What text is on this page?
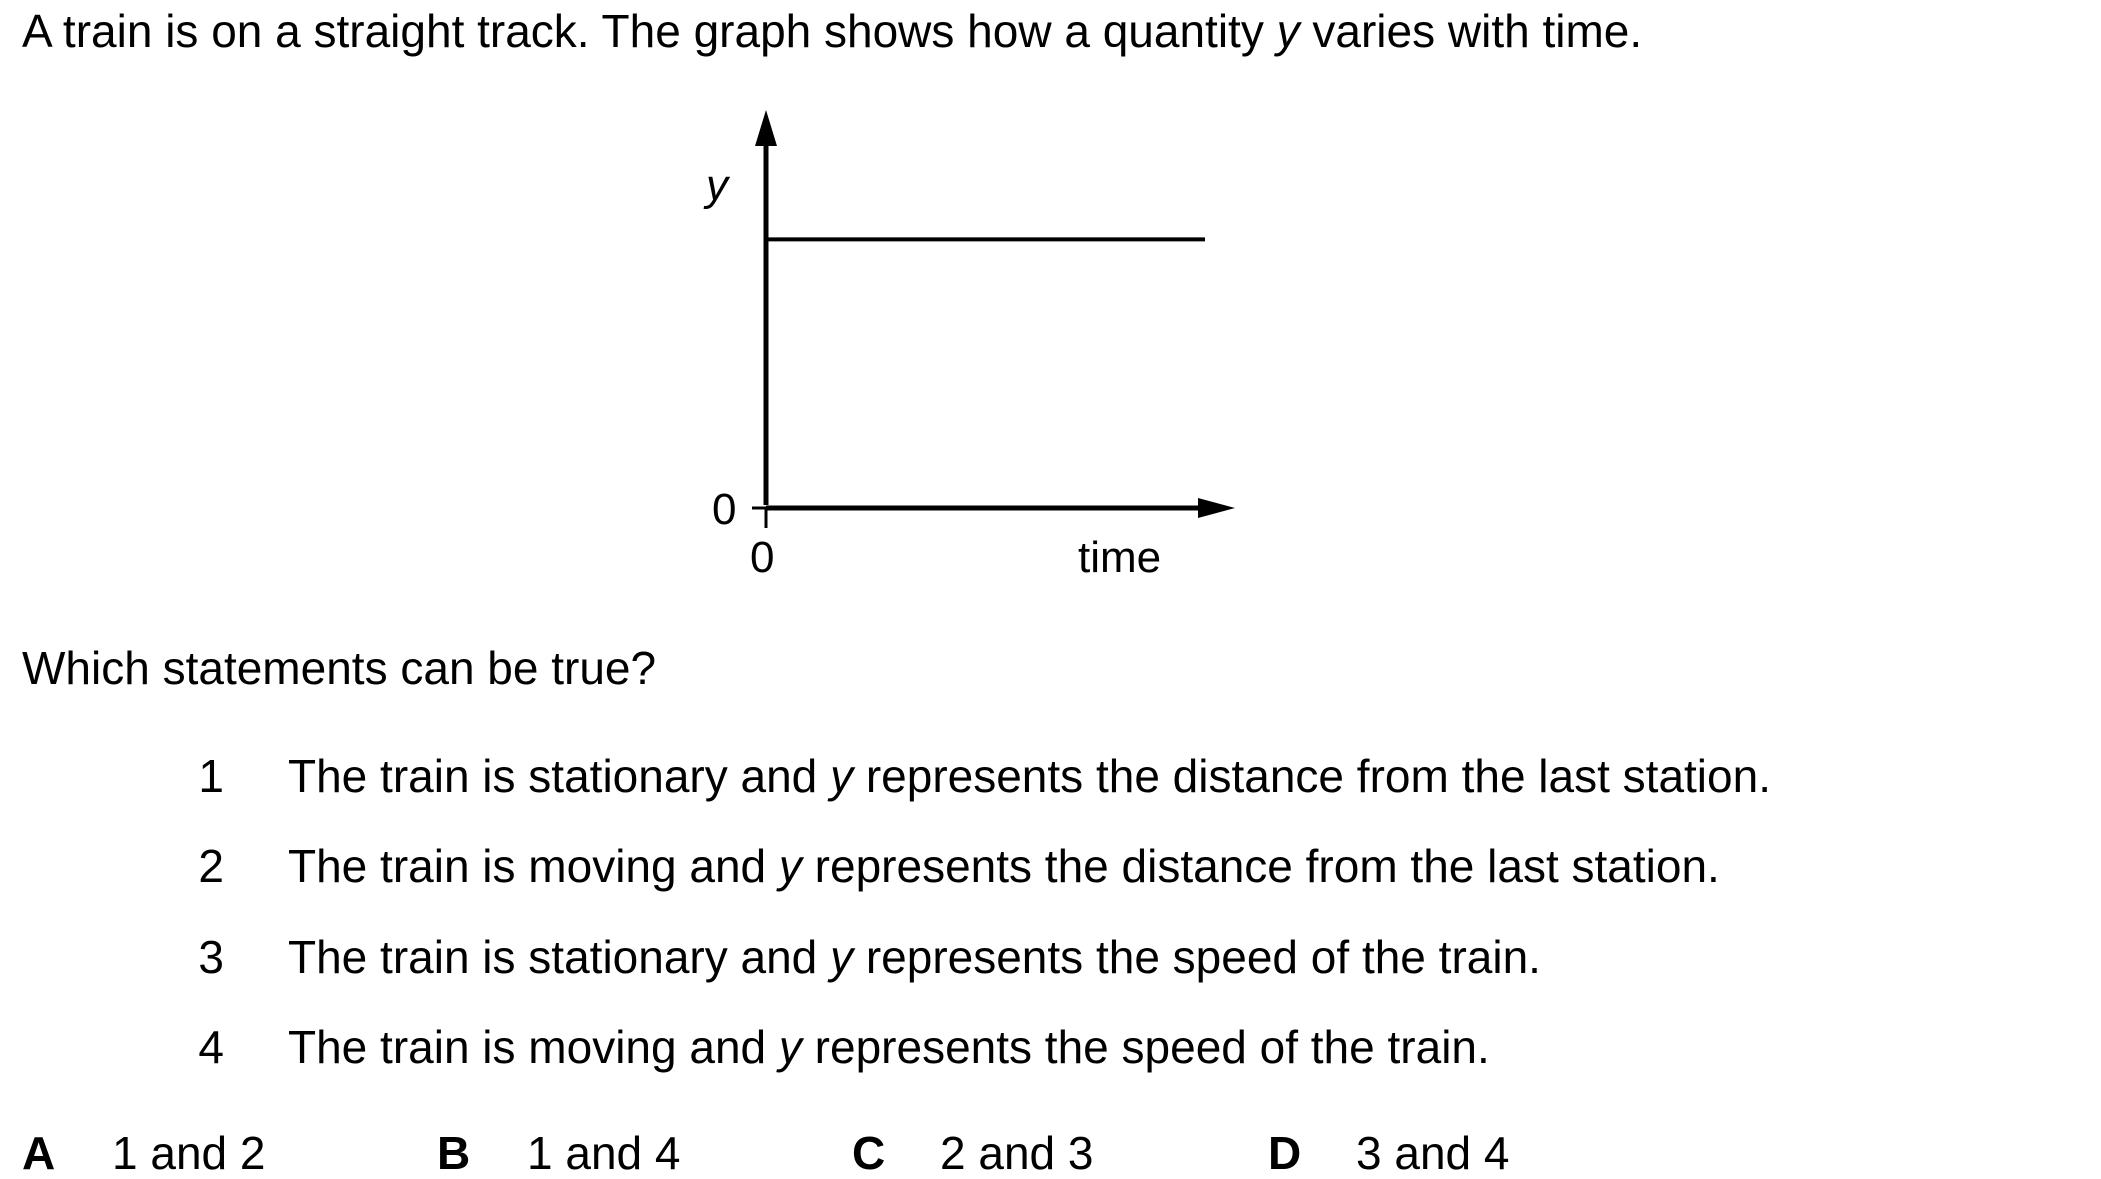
A train is on a straight track. The graph shows how a quantity y varies with time.
y
time
0
0
Which statements can be true?
1 The train is stationary and y represents the distance from the last station.
2 The train is moving and y represents the distance from the last station.
3 The train is stationary and y represents the speed of the train.
4 The train is moving and y represents the speed of the train.
A 1 and 2	B 1 and 4	C 2 and 3	D 3 and 4
